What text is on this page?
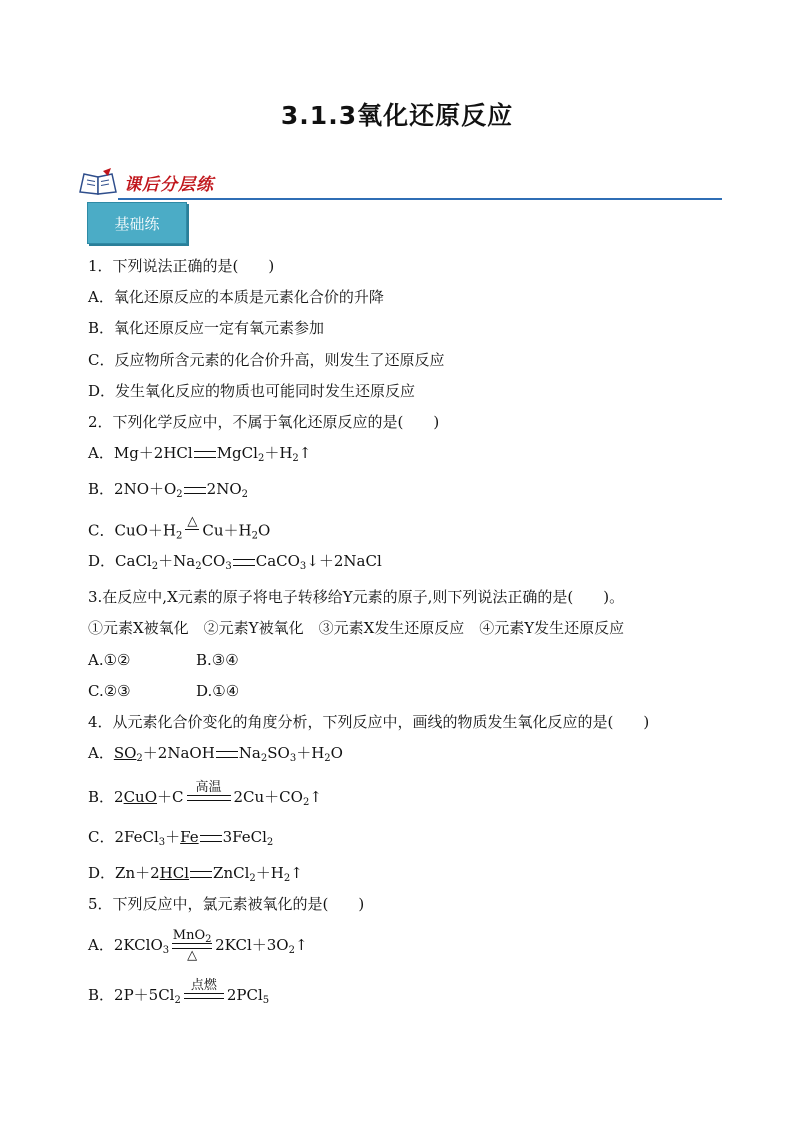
3.1.3氧化还原反应
课后分层练
基础练
1．下列说法正确的是(　　)
A．氧化还原反应的本质是元素化合价的升降
B．氧化还原反应一定有氧元素参加
C．反应物所含元素的化合价升高，则发生了还原反应
D．发生氧化反应的物质也可能同时发生还原反应
2．下列化学反应中，不属于氧化还原反应的是(　　)
A．Mg＋2HCl $MgCl_2+H_2↑$
B．$2NO+O_2$ $2NO_2$
C．$CuO+H_2$
△ $Cu+H_2O$
D．$CaCl_2+Na_2CO_3$ CaCO$_3$↓＋2NaCl
3.在反应中,X元素的原子将电子转移给Y元素的原子,则下列说法正确的是(　　)。
①元素X被氧化　②元素Y被氧化　③元素X发生还原反应　④元素Y发生还原反应
A.①②	B.③④
C.②③	D.①④
4．从元素化合价变化的角度分析，下列反应中，画线的物质发生氧化反应的是(　　)
A．$SO_2+2NaOH$ $Na_2SO_3+H_2O$
B．2CuO＋C
高温
$2Cu+CO_2↑$
C．2FeCl$_3$＋Fe 3FeCl$_2$
D．Zn＋2HCl $ZnCl_2+H_2↑$
5．下列反应中，氯元素被氧化的是(　　)
A．2KClO$_3$
MnO$_2$
△
$2KCl+3O_2↑$
B．$2P+5Cl_2$
点燃
2PCl$_5$
